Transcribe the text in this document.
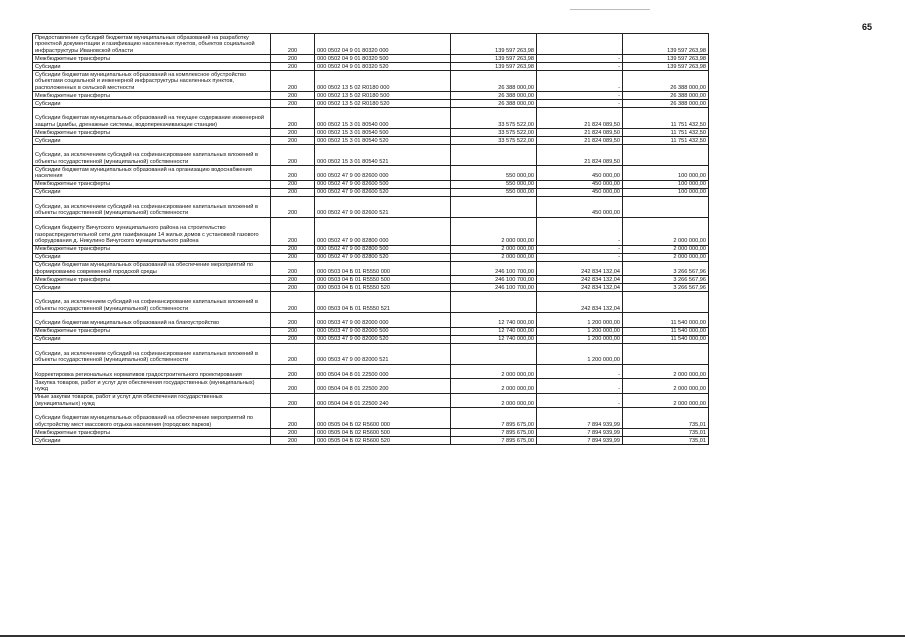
65
Предоставление субсидий бюджетам муниципальных образований на разработку проектной документации и газификацию населенных пунктов, объектов социальной инфраструктуры Ивановской области	200	000 0502 04 9 01 80320 000	139 597 263,98		139 597 263,98
Межбюджетные трансферты	200	000 0502 04 9 01 80320 500	139 597 263,98	-	139 597 263,98
Субсидии	200	000 0502 04 9 01 80320 520	139 597 263,98	-	139 597 263,98
Субсидии бюджетам муниципальных образований на комплексное обустройство объектами социальной и инженерной инфраструктуры населенных пунктов, расположенных в сельской местности	200	000 0502 13 5 02 R0180 000	26 388 000,00	-	26 388 000,00
Межбюджетные трансферты	200	000 0502 13 5 02 R0180 500	26 388 000,00	-	26 388 000,00
Субсидии	200	000 0502 13 5 02 R0180 520	26 388 000,00	-	26 388 000,00
Субсидии бюджетам муниципальных образований на текущее содержание инженерной защиты (дамбы, дренажные системы, водоперекачивающие станции)	200	000 0502 15 3 01 80540 000	33 575 522,00	21 824 089,50	11 751 432,50
Межбюджетные трансферты	200	000 0502 15 3 01 80540 500	33 575 522,00	21 824 089,50	11 751 432,50
Субсидии	200	000 0502 15 3 01 80540 520	33 575 522,00	21 824 089,50	11 751 432,50
Субсидии, за исключением субсидий на софинансирование капитальных вложений в объекты государственной (муниципальной) собственности	200	000 0502 15 3 01 80540 521		21 824 089,50	
Субсидии бюджетам муниципальных образований на организацию водоснабжения населения	200	000 0502 47 9 00 82600 000	550 000,00	450 000,00	100 000,00
Межбюджетные трансферты	200	000 0502 47 9 00 82600 500	550 000,00	450 000,00	100 000,00
Субсидии	200	000 0502 47 9 00 82600 520	550 000,00	450 000,00	100 000,00
Субсидии, за исключением субсидий на софинансирование капитальных вложений в объекты государственной (муниципальной) собственности	200	000 0502 47 9 00 82600 521		450 000,00	
Субсидия бюджету Вичугского муниципального района на строительство газораспределительной сети для газификации 14 жилых домов с установкой газового оборудования д. Никулино Вичугского муниципального района	200	000 0502 47 9 00 82800 000	2 000 000,00	-	2 000 000,00
Межбюджетные трансферты	200	000 0502 47 9 00 82800 500	2 000 000,00	-	2 000 000,00
Субсидии	200	000 0502 47 9 00 82800 520	2 000 000,00	-	2 000 000,00
Субсидии бюджетам муниципальных образований на обеспечение мероприятий по формированию современной городской среды	200	000 0503 04 Б 01 R5550 000	246 100 700,00	242 834 132,04	3 266 567,96
Межбюджетные трансферты	200	000 0503 04 Б 01 R5550 500	246 100 700,00	242 834 132,04	3 266 567,96
Субсидии	200	000 0503 04 Б 01 R5550 520	246 100 700,00	242 834 132,04	3 266 567,96
Субсидии, за исключением субсидий на софинансирование капитальных вложений в объекты государственной (муниципальной) собственности	200	000 0503 04 Б 01 R5550 521		242 834 132,04	
Субсидии бюджетам муниципальных образований на благоустройство	200	000 0503 47 9 00 82000 000	12 740 000,00	1 200 000,00	11 540 000,00
Межбюджетные трансферты	200	000 0503 47 9 00 82000 500	12 740 000,00	1 200 000,00	11 540 000,00
Субсидии	200	000 0503 47 9 00 82000 520	12 740 000,00	1 200 000,00	11 540 000,00
Субсидии, за исключением субсидий на софинансирование капитальных вложений в объекты государственной (муниципальной) собственности	200	000 0503 47 9 00 82000 521		1 200 000,00	
Корректировка региональных нормативов градостроительного проектирования	200	000 0504 04 8 01 22500 000	2 000 000,00	-	2 000 000,00
Закупка товаров, работ и услуг для обеспечения государственных (муниципальных) нужд	200	000 0504 04 8 01 22500 200	2 000 000,00	-	2 000 000,00
Иные закупки товаров, работ и услуг для обеспечения государственных (муниципальных) нужд	200	000 0504 04 8 01 22500 240	2 000 000,00	-	2 000 000,00
Субсидии бюджетам муниципальных образований на обеспечение мероприятий по обустройству мест массового отдыха населения (городских парков)	200	000 0505 04 Б 02 R5600 000	7 895 675,00	7 894 939,99	735,01
Межбюджетные трансферты	200	000 0505 04 Б 02 R5600 500	7 895 675,00	7 894 939,99	735,01
Субсидии	200	000 0505 04 Б 02 R5600 520	7 895 675,00	7 894 939,99	735,01
